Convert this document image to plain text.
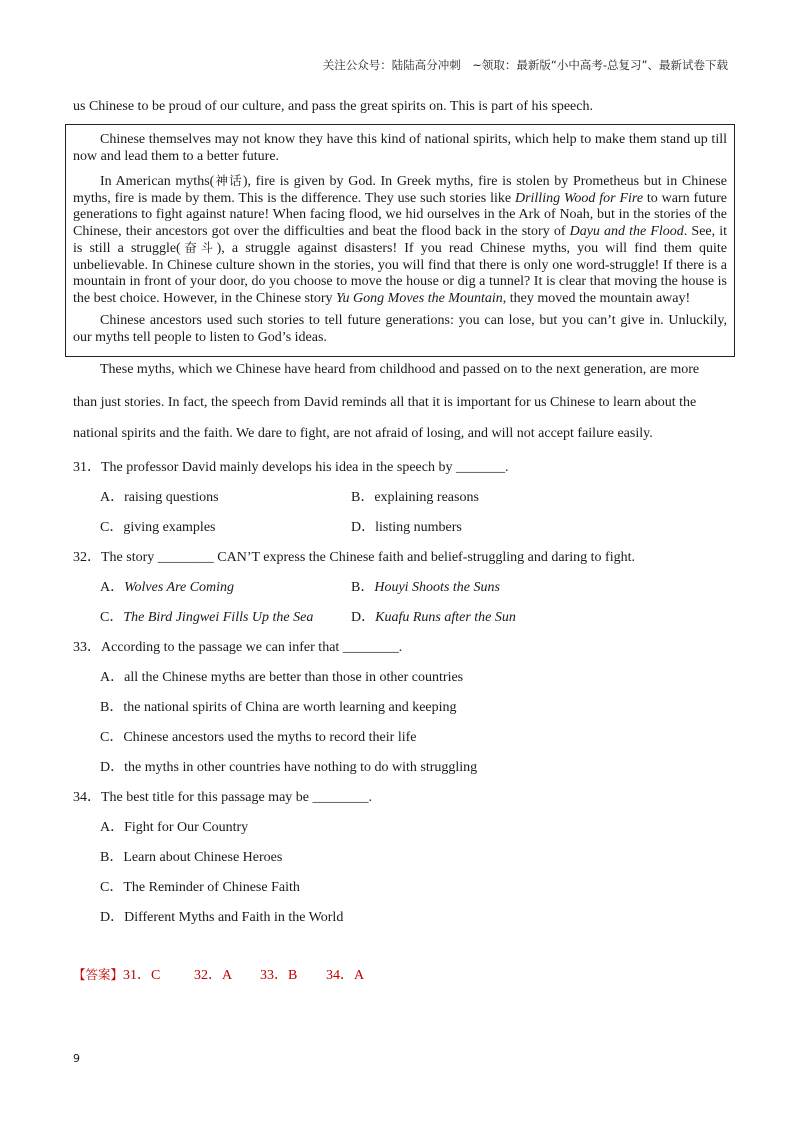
关注公众号：陆陆高分冲刺　~领取：最新版“小中高考-总复习”、最新试卷下载
us Chinese to be proud of our culture, and pass the great spirits on. This is part of his speech.
Chinese themselves may not know they have this kind of national spirits, which help to make them stand up till now and lead them to a better future.
In American myths(神话), fire is given by God. In Greek myths, fire is stolen by Prometheus but in Chinese myths, fire is made by them. This is the difference. They use such stories like Drilling Wood for Fire to warn future generations to fight against nature! When facing flood, we hid ourselves in the Ark of Noah, but in the stories of the Chinese, their ancestors got over the difficulties and beat the flood back in the story of Dayu and the Flood. See, it is still a struggle(奋斗), a struggle against disasters! If you read Chinese myths, you will find them quite unbelievable. In Chinese culture shown in the stories, you will find that there is only one word-struggle! If there is a mountain in front of your door, do you choose to move the house or dig a tunnel? It is clear that moving the house is the best choice. However, in the Chinese story Yu Gong Moves the Mountain, they moved the mountain away!
Chinese ancestors used such stories to tell future generations: you can lose, but you can’t give in. Unluckily, our myths tell people to listen to God’s ideas.
These myths, which we Chinese have heard from childhood and passed on to the next generation, are more
than just stories. In fact, the speech from David reminds all that it is important for us Chinese to learn about the
national spirits and the faith. We dare to fight, are not afraid of losing, and will not accept failure easily.
31．The professor David mainly develops his idea in the speech by _______.
A．raising questions	B．explaining reasons
C．giving examples	D．listing numbers
32．The story ________ CAN’T express the Chinese faith and belief-struggling and daring to fight.
A．Wolves Are Coming	B．Houyi Shoots the Suns
C．The Bird Jingwei Fills Up the Sea	D．Kuafu Runs after the Sun
33．According to the passage we can infer that ________.
A．all the Chinese myths are better than those in other countries
B．the national spirits of China are worth learning and keeping
C．Chinese ancestors used the myths to record their life
D．the myths in other countries have nothing to do with struggling
34．The best title for this passage may be ________.
A．Fight for Our Country
B．Learn about Chinese Heroes
C．The Reminder of Chinese Faith
D．Different Myths and Faith in the World
【答案】31．C 32．A 33．B 34．A
9
